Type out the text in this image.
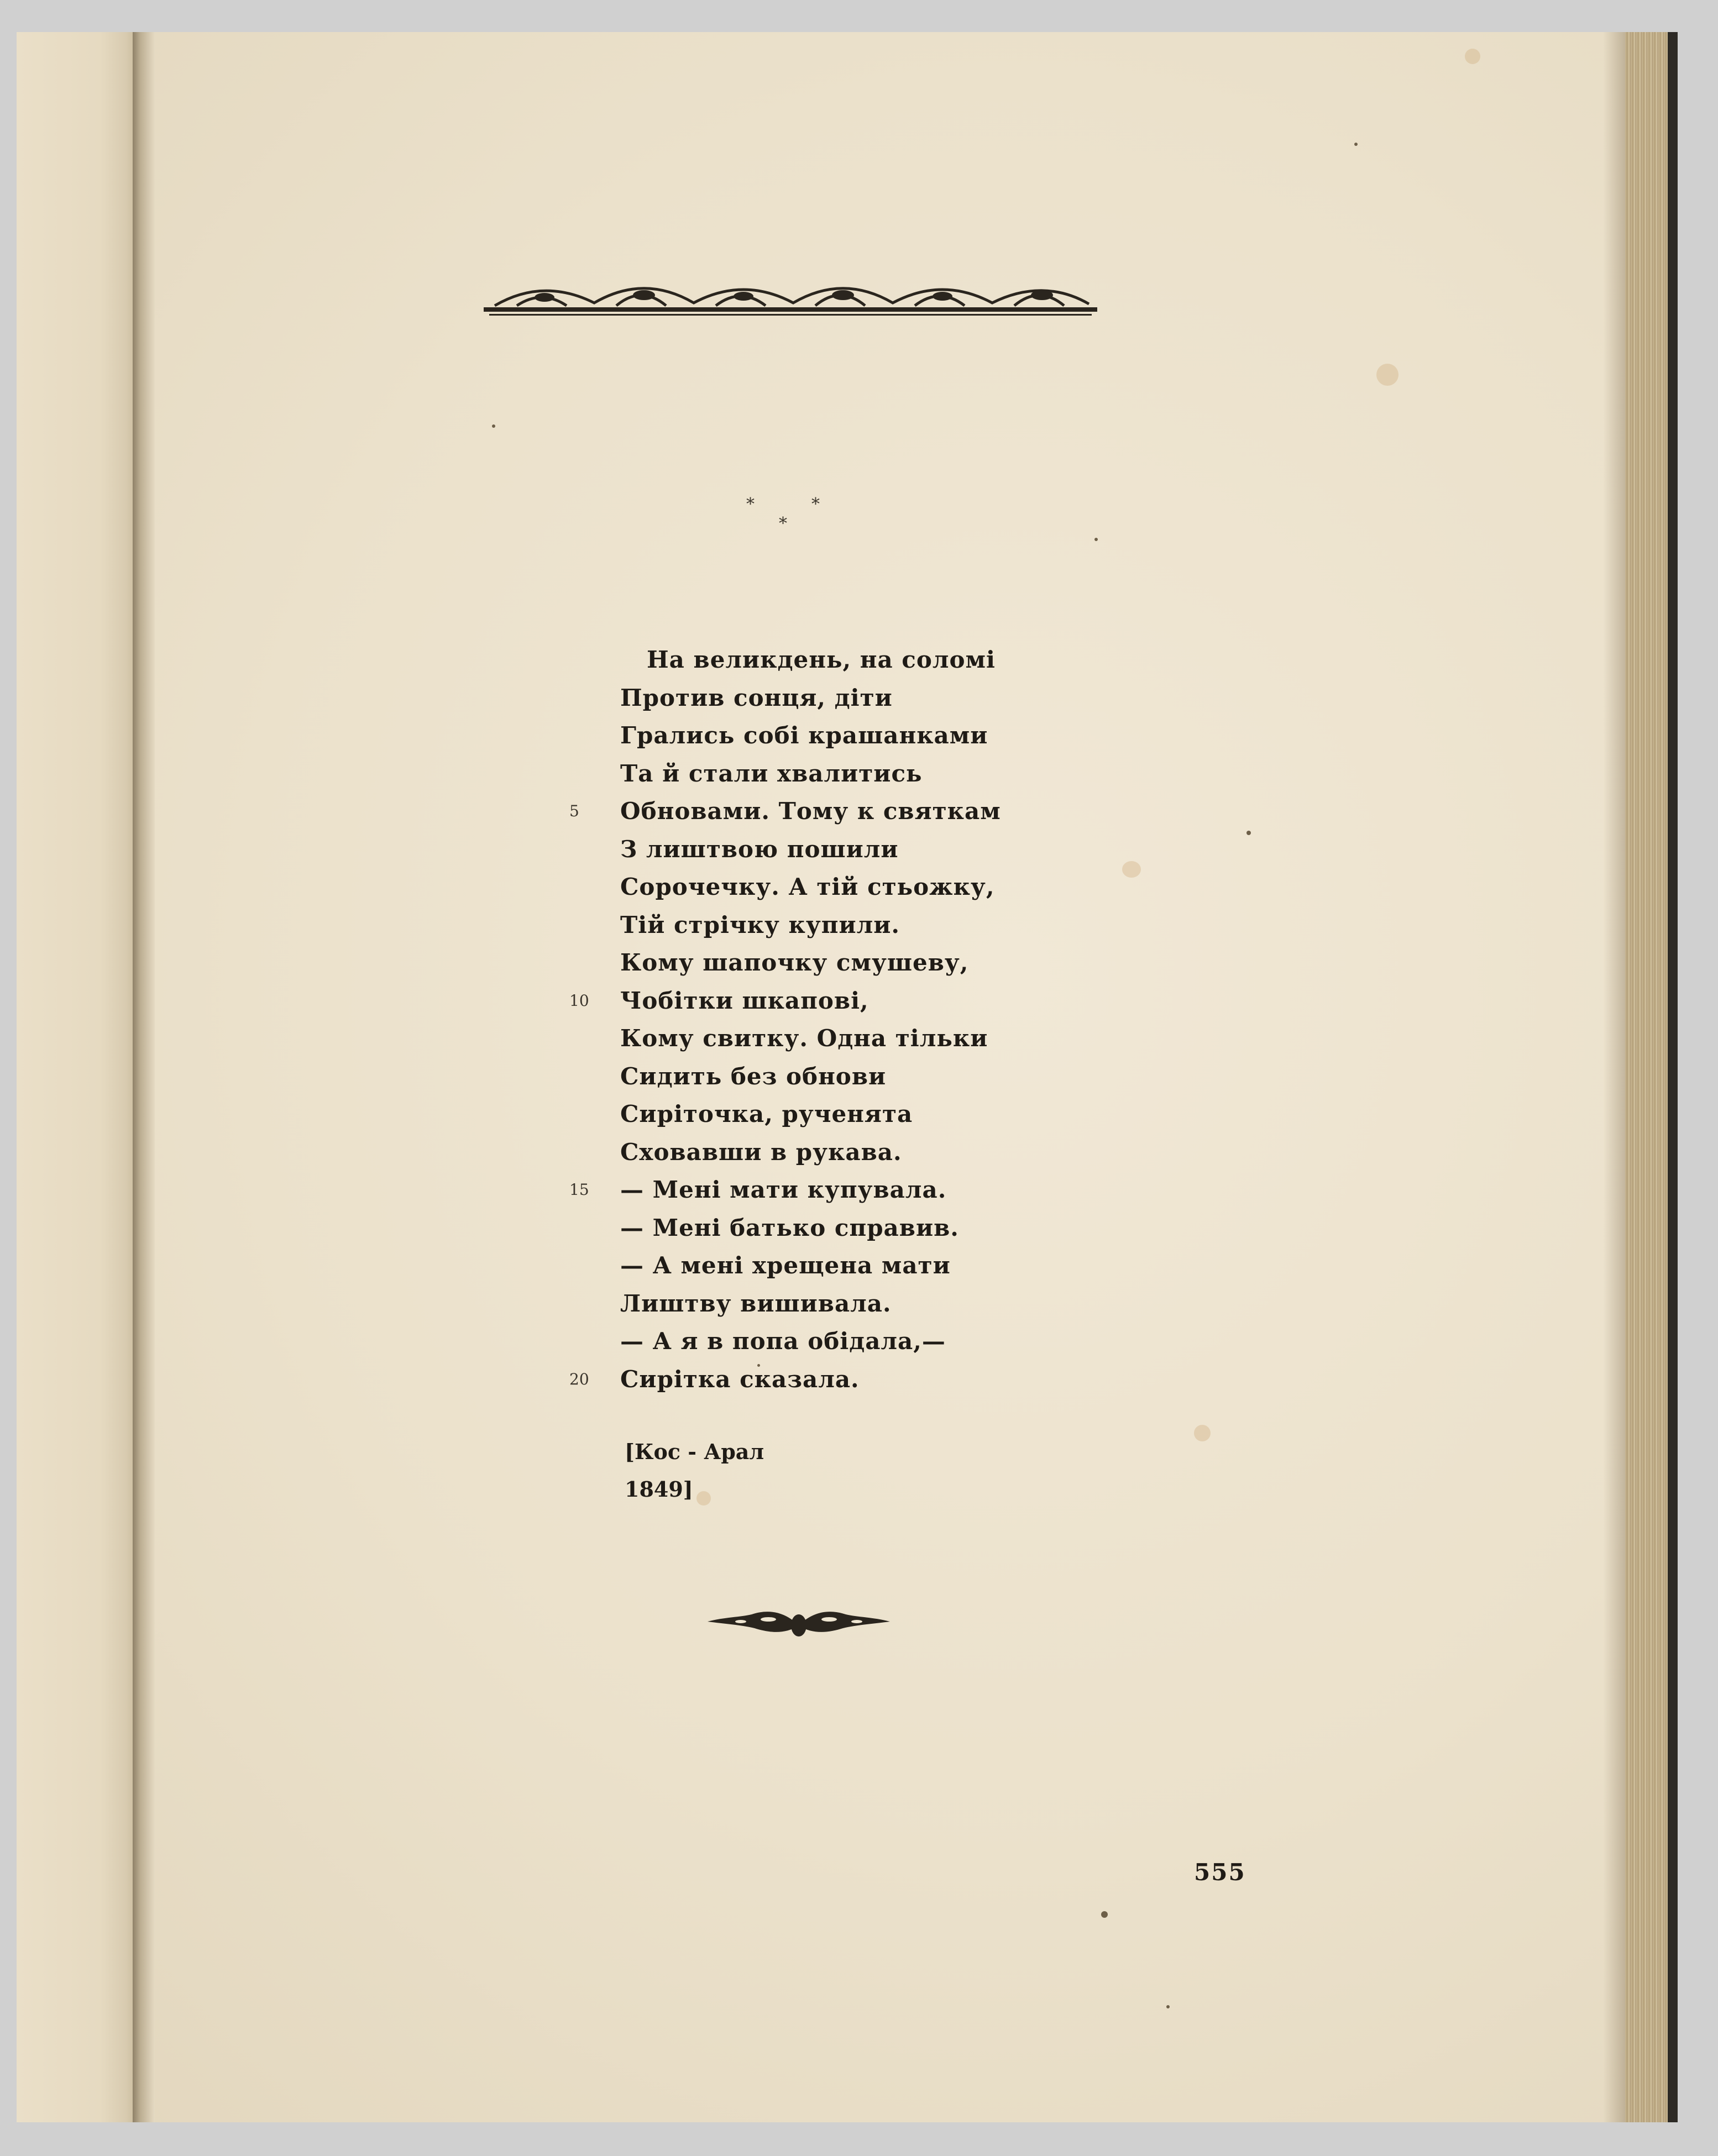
*	*
*
На великдень, на соломі
Против сонця, діти
Грались собі крашанками
Та й стали хвалитись
5	Обновами. Тому к святкам
З лиштвою пошили
Сорочечку. А тій стьожку,
Тій стрічку купили.
Кому шапочку смушеву,
10	Чобітки шкапові,
Кому свитку. Одна тільки
Сидить без обнови
Сиріточка, рученята
Сховавши в рукава.
15	— Мені мати купувала.
— Мені батько справив.
— А мені хрещена мати
Лиштву вишивала.
— А я в попа обідала,—
20	Сирітка сказала.
[Кос - Арал
1849]
555
